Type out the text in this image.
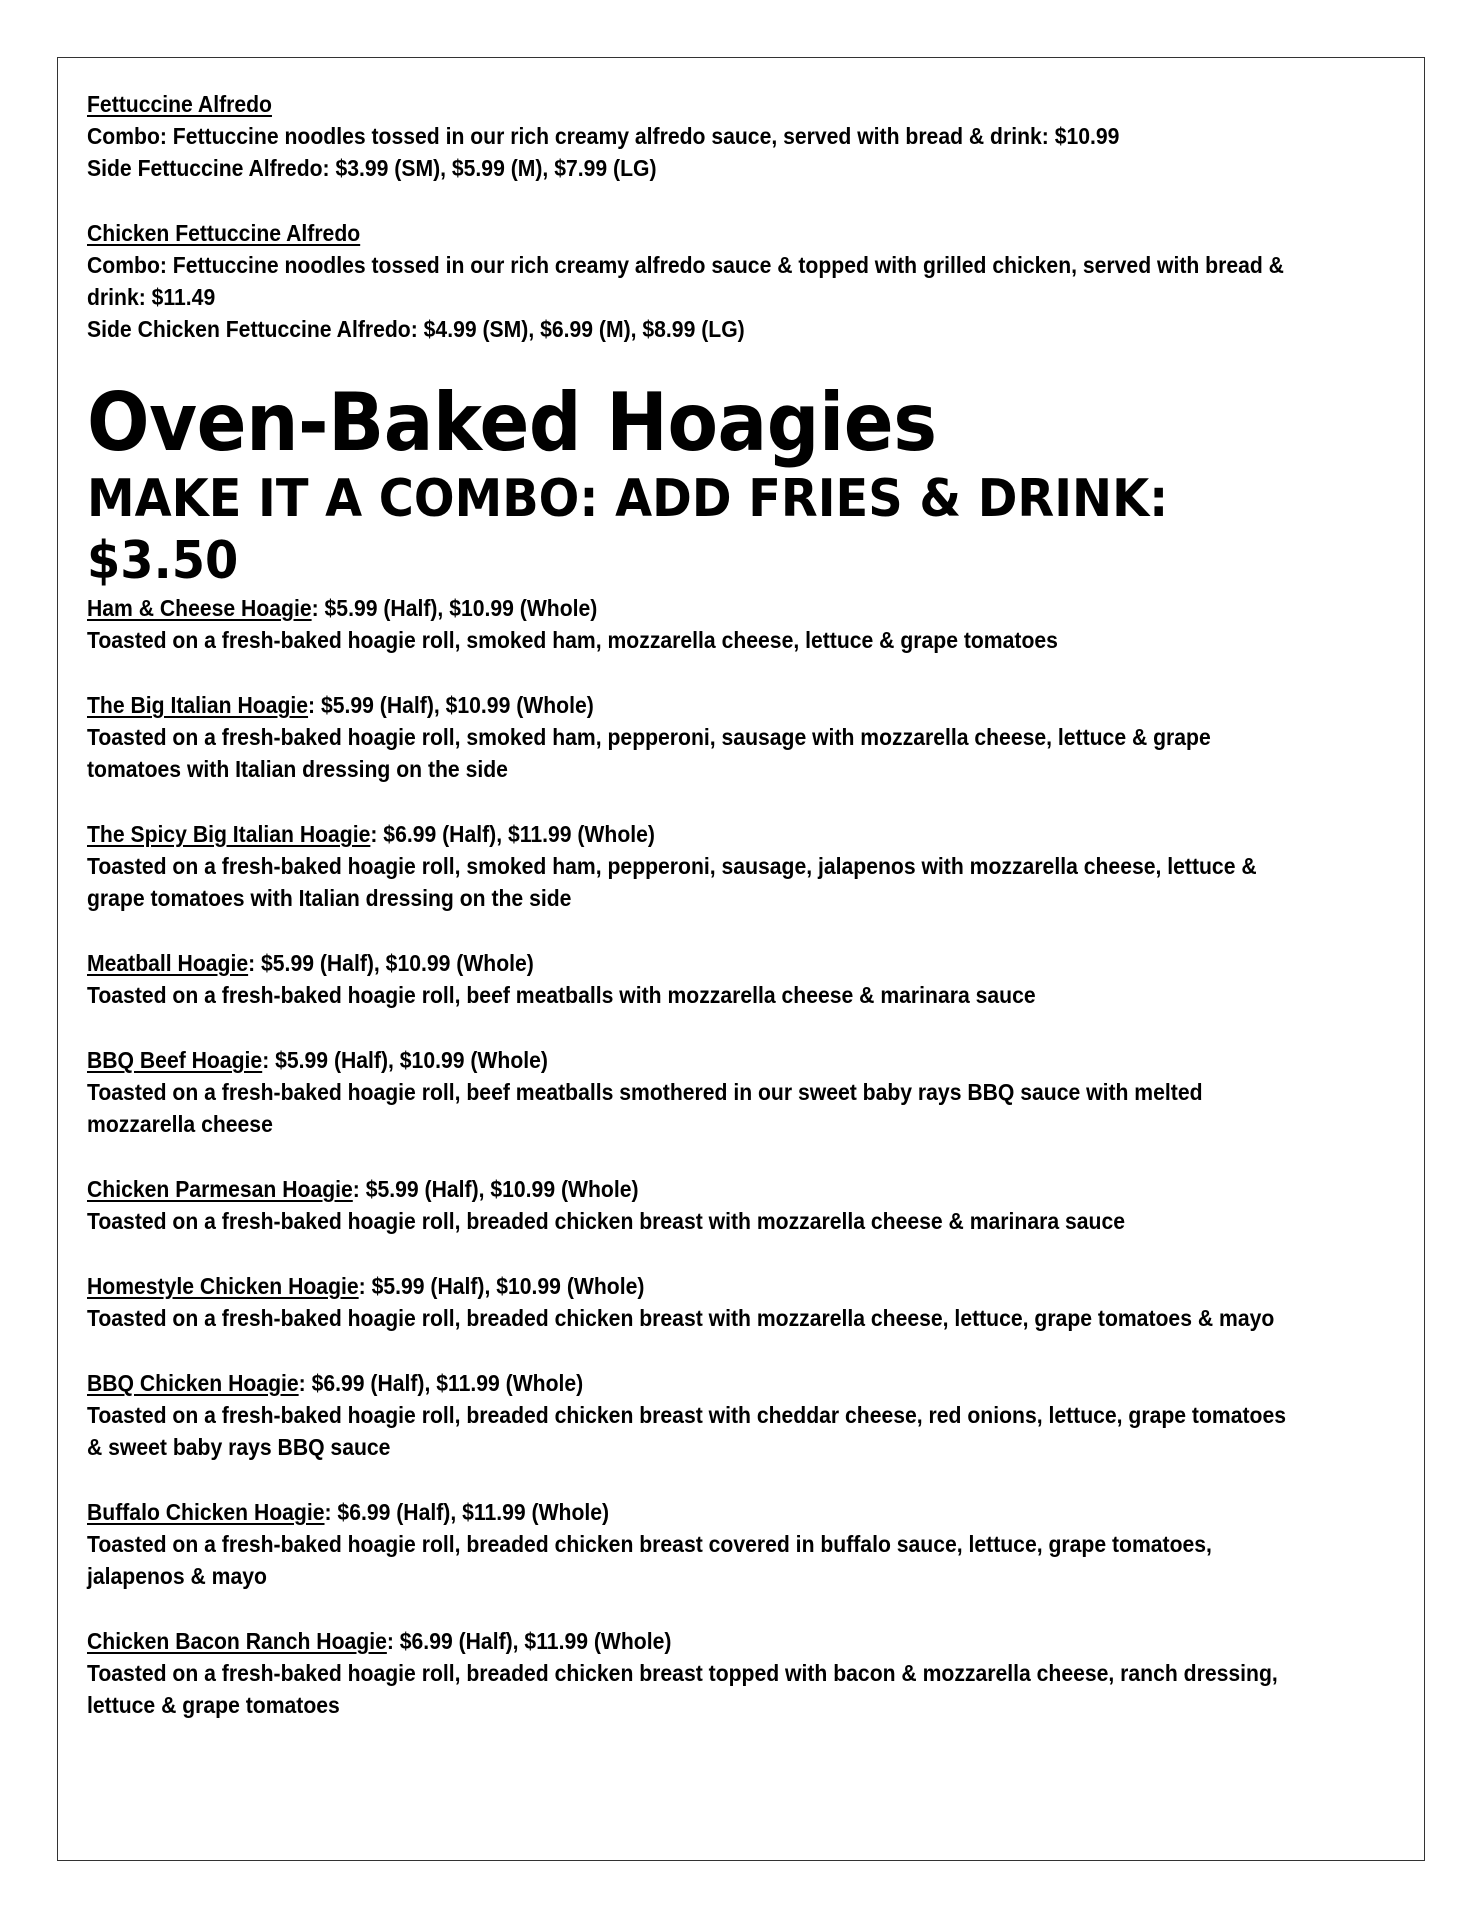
Fettuccine Alfredo

Combo: Fettuccine noodles tossed in our rich creamy alfredo sauce, served with bread & drink: $10.99

Side Fettuccine Alfredo: $3.99 (SM), $5.99 (M), $7.99 (LG)

Chicken Fettuccine Alfredo

Combo: Fettuccine noodles tossed in our rich creamy alfredo sauce & topped with grilled chicken, served with bread & drink: $11.49

Side Chicken Fettuccine Alfredo: $4.99 (SM), $6.99 (M), $8.99 (LG)

Oven-Baked Hoagies

MAKE IT A COMBO: ADD FRIES & DRINK: $3.50

Ham & Cheese Hoagie: $5.99 (Half), $10.99 (Whole)

Toasted on a fresh-baked hoagie roll, smoked ham, mozzarella cheese, lettuce & grape tomatoes

The Big Italian Hoagie: $5.99 (Half), $10.99 (Whole)

Toasted on a fresh-baked hoagie roll, smoked ham, pepperoni, sausage with mozzarella cheese, lettuce & grape tomatoes with Italian dressing on the side

The Spicy Big Italian Hoagie: $6.99 (Half), $11.99 (Whole)

Toasted on a fresh-baked hoagie roll, smoked ham, pepperoni, sausage, jalapenos with mozzarella cheese, lettuce & grape tomatoes with Italian dressing on the side

Meatball Hoagie: $5.99 (Half), $10.99 (Whole)

Toasted on a fresh-baked hoagie roll, beef meatballs with mozzarella cheese & marinara sauce

BBQ Beef Hoagie: $5.99 (Half), $10.99 (Whole)

Toasted on a fresh-baked hoagie roll, beef meatballs smothered in our sweet baby rays BBQ sauce with melted mozzarella cheese

Chicken Parmesan Hoagie: $5.99 (Half), $10.99 (Whole)

Toasted on a fresh-baked hoagie roll, breaded chicken breast with mozzarella cheese & marinara sauce

Homestyle Chicken Hoagie: $5.99 (Half), $10.99 (Whole)

Toasted on a fresh-baked hoagie roll, breaded chicken breast with mozzarella cheese, lettuce, grape tomatoes & mayo

BBQ Chicken Hoagie: $6.99 (Half), $11.99 (Whole)

Toasted on a fresh-baked hoagie roll, breaded chicken breast with cheddar cheese, red onions, lettuce, grape tomatoes & sweet baby rays BBQ sauce

Buffalo Chicken Hoagie: $6.99 (Half), $11.99 (Whole)

Toasted on a fresh-baked hoagie roll, breaded chicken breast covered in buffalo sauce, lettuce, grape tomatoes, jalapenos & mayo

Chicken Bacon Ranch Hoagie: $6.99 (Half), $11.99 (Whole)

Toasted on a fresh-baked hoagie roll, breaded chicken breast topped with bacon & mozzarella cheese, ranch dressing, lettuce & grape tomatoes
